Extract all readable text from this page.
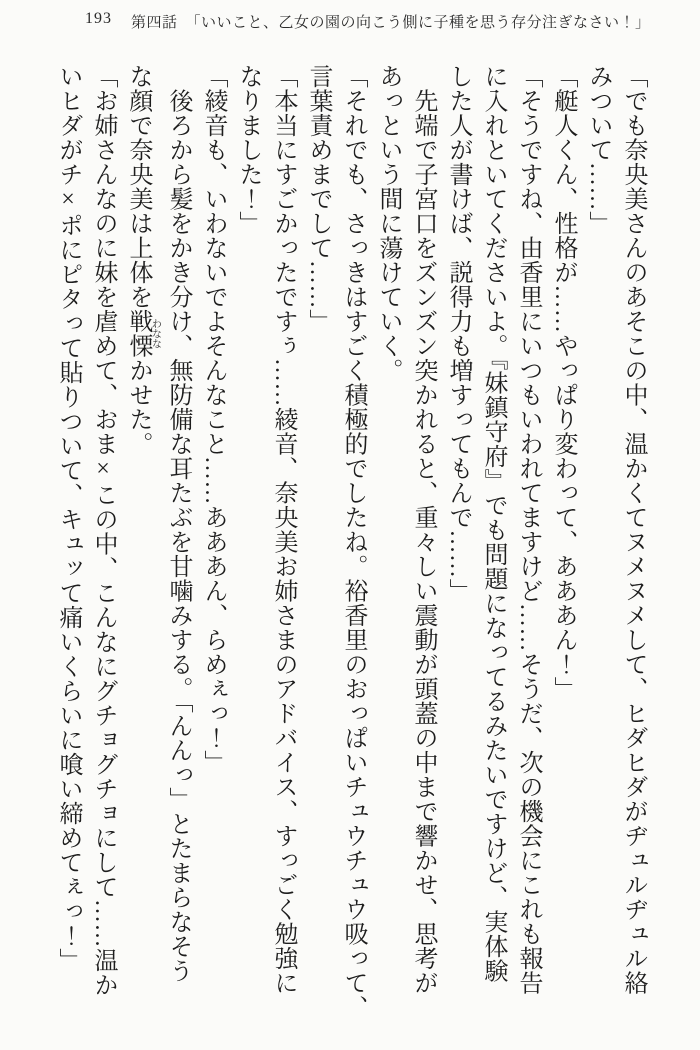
193 第四話　「いいこと、乙女の園の向こう側に子種を思う存分注ぎなさい！」
「でも奈央美さんのあそこの中、温かくてヌメヌメして、ヒダヒダがヂュルヂュル絡
みついて……」
「艇人くん、性格が……やっぱり変わって、あああん！」
「そうですね、由香里にいつもいわれてますけど……そうだ、次の機会にこれも報告
に入れといてくださいよ。『妹鎮守府』でも問題になってるみたいですけど、実体験
した人が書けば、説得力も増すってもんで……」
　先端で子宮口をズンズン突かれると、重々しい震動が頭蓋の中まで響かせ、思考が
あっという間に蕩けていく。
「それでも、さっきはすごく積極的でしたね。裕香里のおっぱいチュウチュウ吸って、
言葉責めまでして……」
「本当にすごかったですぅ……綾音、奈央美お姉さまのアドバイス、すっごく勉強に
なりました！」
「綾音も、いわないでよそんなこと……あああん、らめぇっ！」
　後ろから髪をかき分け、無防備な耳たぶを甘噛みする。「んんっ」とたまらなそう
な顔で奈央美は上体を戦慄わななかせた。
「お姉さんなのに妹を虐めて、おま×この中、こんなにグチョグチョにして……温か
いヒダがチ×ポにピタって貼りついて、キュッて痛いくらいに喰い締めてぇっ！」
